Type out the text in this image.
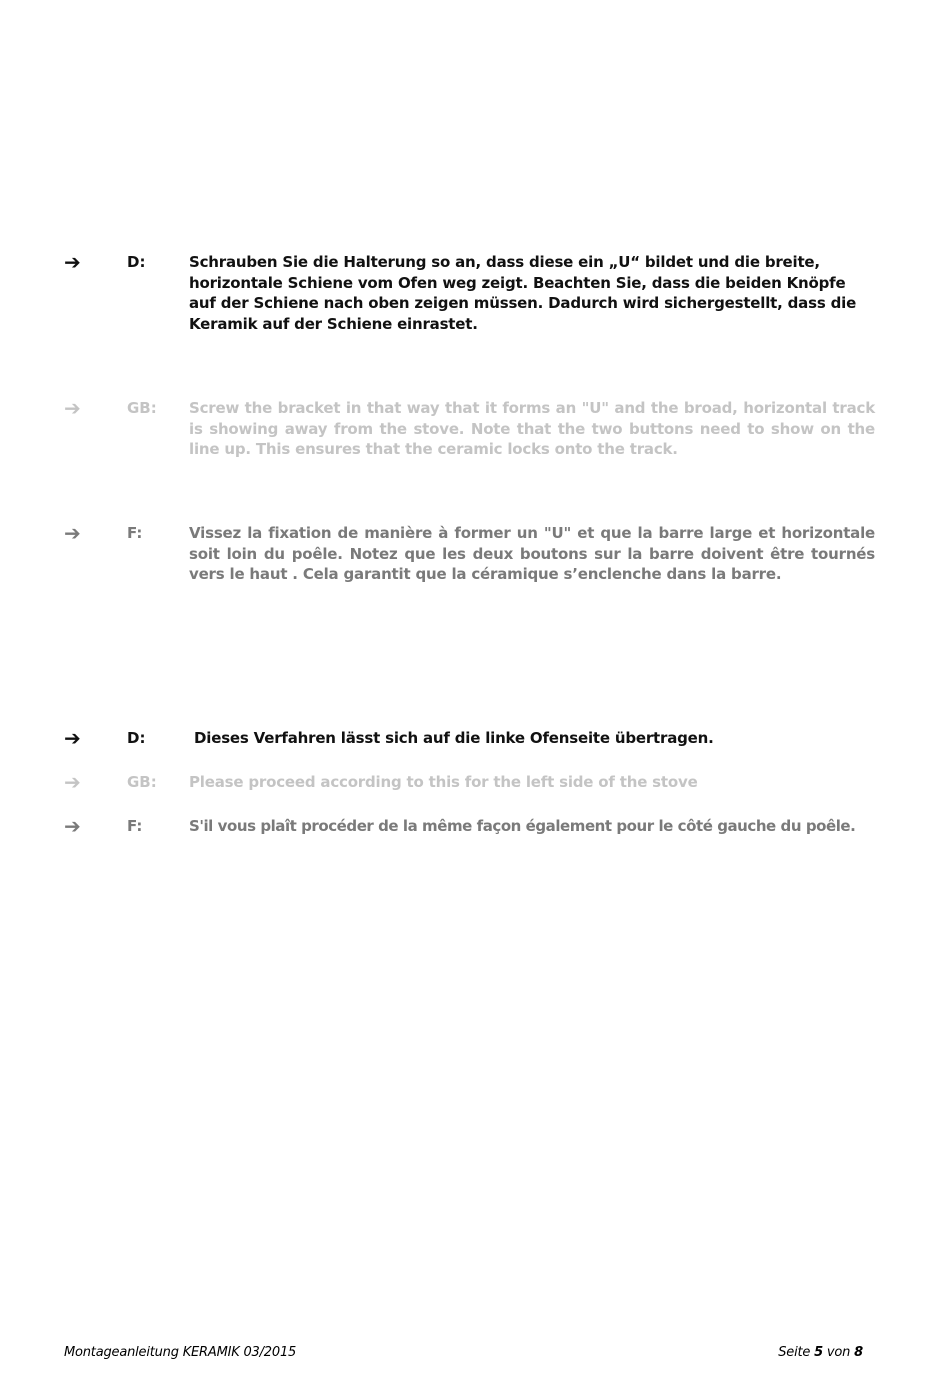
➔	D:	Schrauben Sie die Halterung so an, dass diese ein „U“ bildet und die breite, horizontale Schiene vom Ofen weg zeigt. Beachten Sie, dass die beiden Knöpfe auf der Schiene nach oben zeigen müssen. Dadurch wird sichergestellt, dass die Keramik auf der Schiene einrastet.
➔	GB: Screw the bracket in that way that it forms an "U" and the broad, horizontal track is showing away from the stove. Note that the two buttons need to show on the line up. This ensures that the ceramic locks onto the track.
➔	F:	Vissez la fixation de manière à former un "U" et que la barre large et horizontale soit loin du poêle. Notez que les deux boutons sur la barre doivent être tournés vers le haut . Cela garantit que la céramique s’enclenche dans la barre.
➔	D:	Dieses Verfahren lässt sich auf die linke Ofenseite übertragen.
➔	GB: Please proceed according to this for the left side of the stove
➔	F:	S'il vous plaît procéder de la même façon également pour le côté gauche du poêle.
Montageanleitung KERAMIK 03/2015	Seite 5 von 8
